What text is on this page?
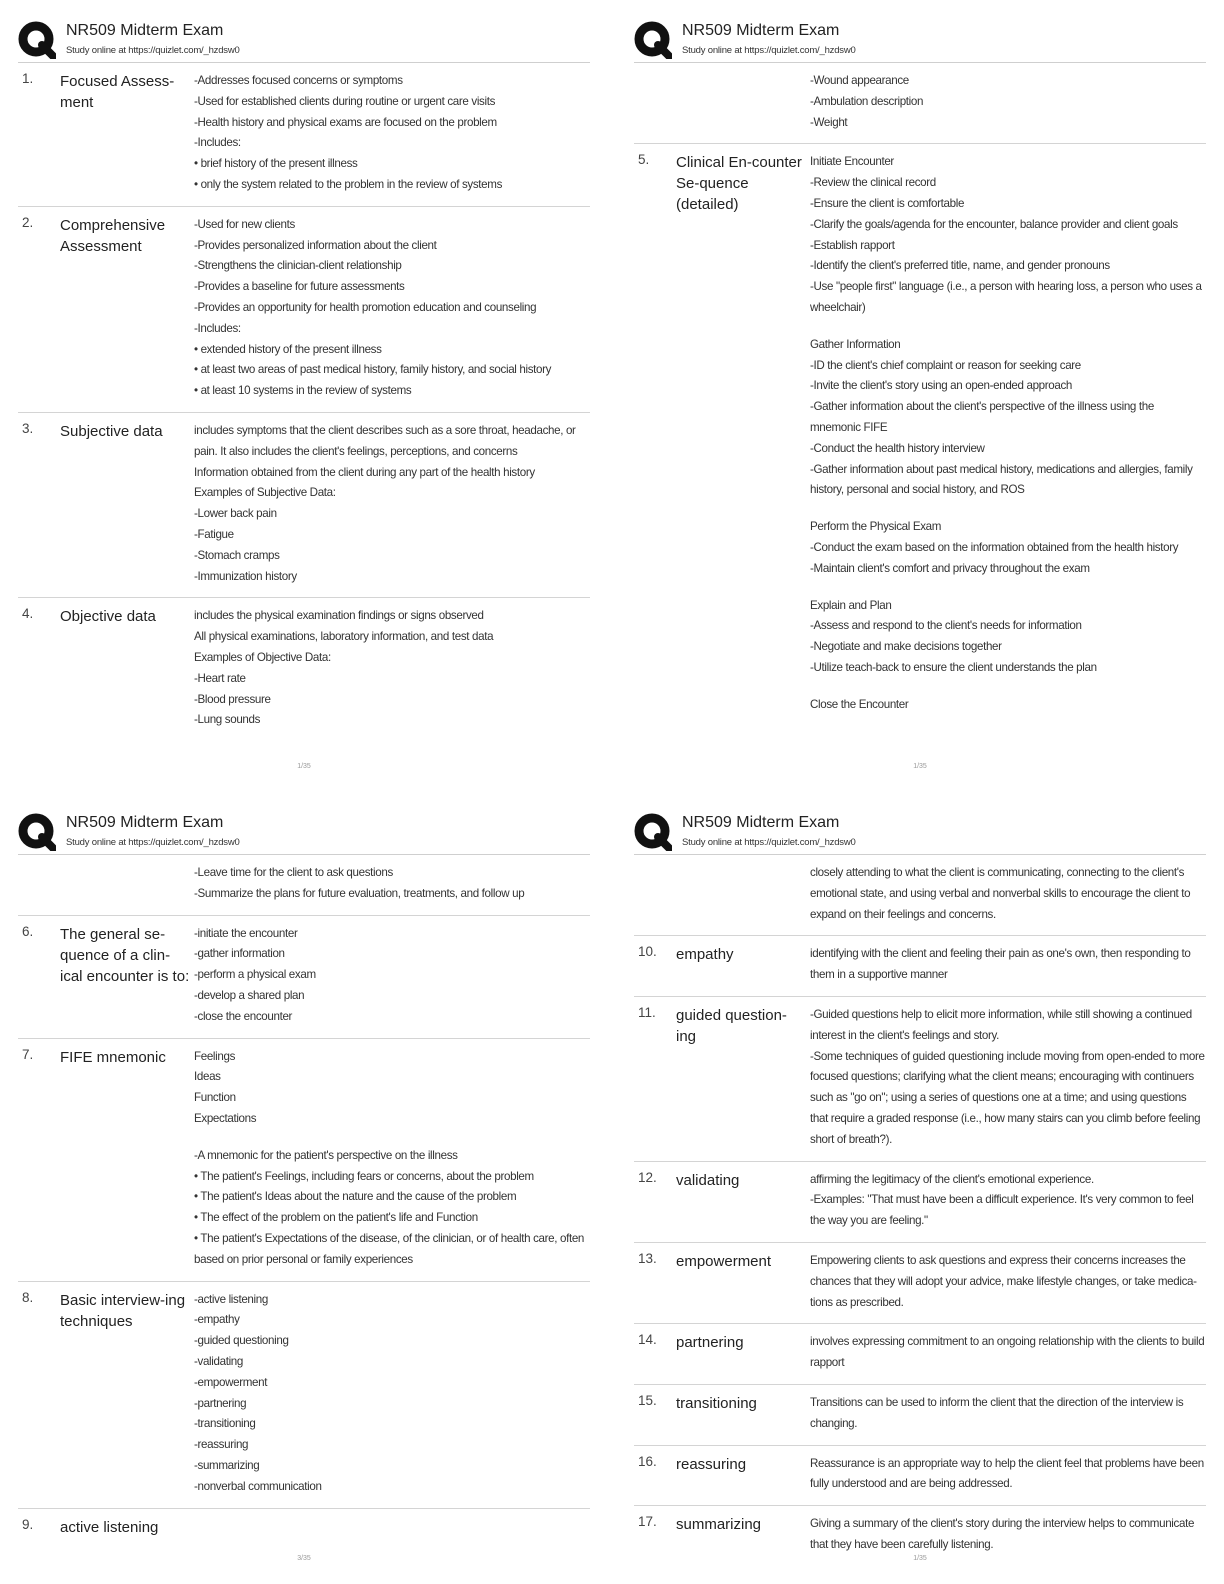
NR509 Midterm Exam
Study online at https://quizlet.com/_hzdsw0
1.	Focused Assess-ment
-Addresses focused concerns or symptoms
-Used for established clients during routine or urgent care visits
-Health history and physical exams are focused on the problem
-Includes:
• brief history of the present illness
• only the system related to the problem in the review of systems
2.	Comprehensive Assessment
-Used for new clients
-Provides personalized information about the client
-Strengthens the clinician-client relationship
-Provides a baseline for future assessments
-Provides an opportunity for health promotion education and counseling
-Includes:
• extended history of the present illness
• at least two areas of past medical history, family history, and social history
• at least 10 systems in the review of systems
3.	Subjective data	includes symptoms that the client describes such as a sore throat, headache, or pain. It also includes the client's feelings, perceptions, and concerns
Information obtained from the client during any part of the health history
Examples of Subjective Data:
-Lower back pain
-Fatigue
-Stomach cramps
-Immunization history
4.	Objective data	includes the physical examination findings or signs observed
All physical examinations, laboratory information, and test data
Examples of Objective Data:
-Heart rate
-Blood pressure
-Lung sounds
1/35
NR509 Midterm Exam
Study online at https://quizlet.com/_hzdsw0
-Wound appearance
-Ambulation description
-Weight
5.	Clinical En-counter Se-quence (detailed)
Initiate Encounter
-Review the clinical record
-Ensure the client is comfortable
-Clarify the goals/agenda for the encounter, balance provider and client goals
-Establish rapport
-Identify the client's preferred title, name, and gender pronouns
-Use "people first" language (i.e., a person with hearing loss, a person who uses a wheelchair)
Gather Information
-ID the client's chief complaint or reason for seeking care
-Invite the client's story using an open-ended approach
-Gather information about the client's perspective of the illness using the mnemonic FIFE
-Conduct the health history interview
-Gather information about past medical history, medications and allergies, family history, personal and social history, and ROS
Perform the Physical Exam
-Conduct the exam based on the information obtained from the health history
-Maintain client's comfort and privacy throughout the exam
Explain and Plan
-Assess and respond to the client's needs for information
-Negotiate and make decisions together
-Utilize teach-back to ensure the client understands the plan
Close the Encounter
1/35
NR509 Midterm Exam
Study online at https://quizlet.com/_hzdsw0
-Leave time for the client to ask questions
-Summarize the plans for future evaluation, treatments, and follow up
6.	The general se-quence of a clin-ical encounter is to:
-initiate the encounter
-gather information
-perform a physical exam
-develop a shared plan
-close the encounter
7.	FIFE mnemonic	Feelings
Ideas
Function
Expectations
-A mnemonic for the patient's perspective on the illness
• The patient's Feelings, including fears or concerns, about the problem
• The patient's Ideas about the nature and the cause of the problem
• The effect of the problem on the patient's life and Function
• The patient's Expectations of the disease, of the clinician, or of health care, often based on prior personal or family experiences
8.	Basic interview-ing techniques
-active listening
-empathy
-guided questioning
-validating
-empowerment
-partnering
-transitioning
-reassuring
-summarizing
-nonverbal communication
9.	active listening
3/35
NR509 Midterm Exam
Study online at https://quizlet.com/_hzdsw0
closely attending to what the client is communicating, connecting to the client's emotional state, and using verbal and nonverbal skills to encourage the client to expand on their feelings and concerns.
10.	empathy	identifying with the client and feeling their pain as one's own, then responding to them in a supportive manner
11.	guided question-ing
-Guided questions help to elicit more information, while still showing a continued interest in the client's feelings and story.
-Some techniques of guided questioning include moving from open-ended to more focused questions; clarifying what the client means; encouraging with continuers such as "go on"; using a series of questions one at a time; and using questions that require a graded response (i.e., how many stairs can you climb before feeling short of breath?).
12.	validating	affirming the legitimacy of the client's emotional experience.
-Examples: "That must have been a difficult experience. It's very common to feel the way you are feeling."
13.	empowerment	Empowering clients to ask questions and express their concerns increases the chances that they will adopt your advice, make lifestyle changes, or take medica-tions as prescribed.
14.	partnering	involves expressing commitment to an ongoing relationship with the clients to build rapport
15.	transitioning	Transitions can be used to inform the client that the direction of the interview is changing.
16.	reassuring	Reassurance is an appropriate way to help the client feel that problems have been fully understood and are being addressed.
17.	summarizing	Giving a summary of the client's story during the interview helps to communicate that they have been carefully listening.
1/35
